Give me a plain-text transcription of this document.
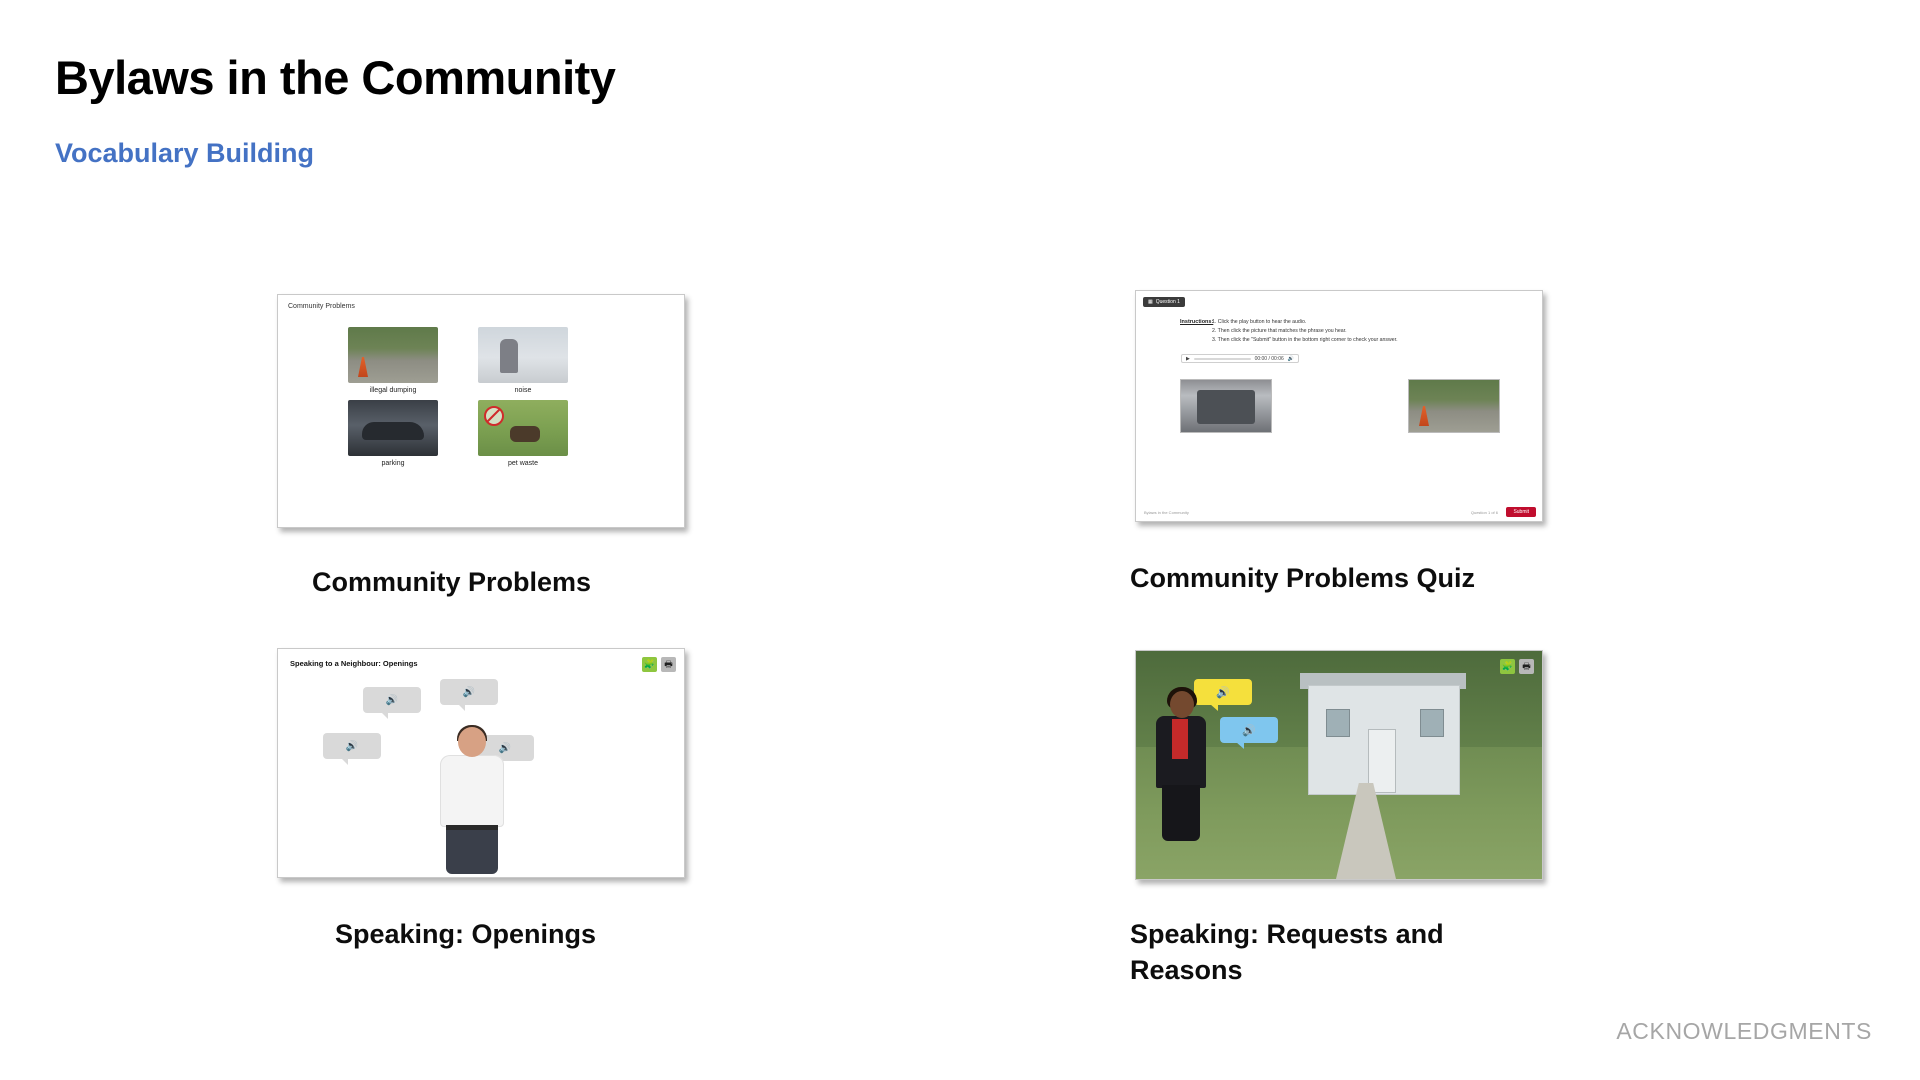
Bylaws in the Community
Vocabulary Building
Community Problems
illegal dumping	noise
parking	pet waste
Community Problems
▦ Question 1
Instructions:
1. Click the play button to hear the audio.
2. Then click the picture that matches the phrase you hear.
3. Then click the "Submit" button in the bottom right corner to check your answer.
▶	00:00 / 00:06 🔊
Bylaws in the Community	Question 1 of 6	Submit
Community Problems Quiz
Speaking to a Neighbour: Openings	🧩	🖶
🔊
🔊
🔊	🔊
Speaking: Openings
🧩	🖶
🔊
🔊
Speaking: Requests and Reasons
ACKNOWLEDGMENTS
